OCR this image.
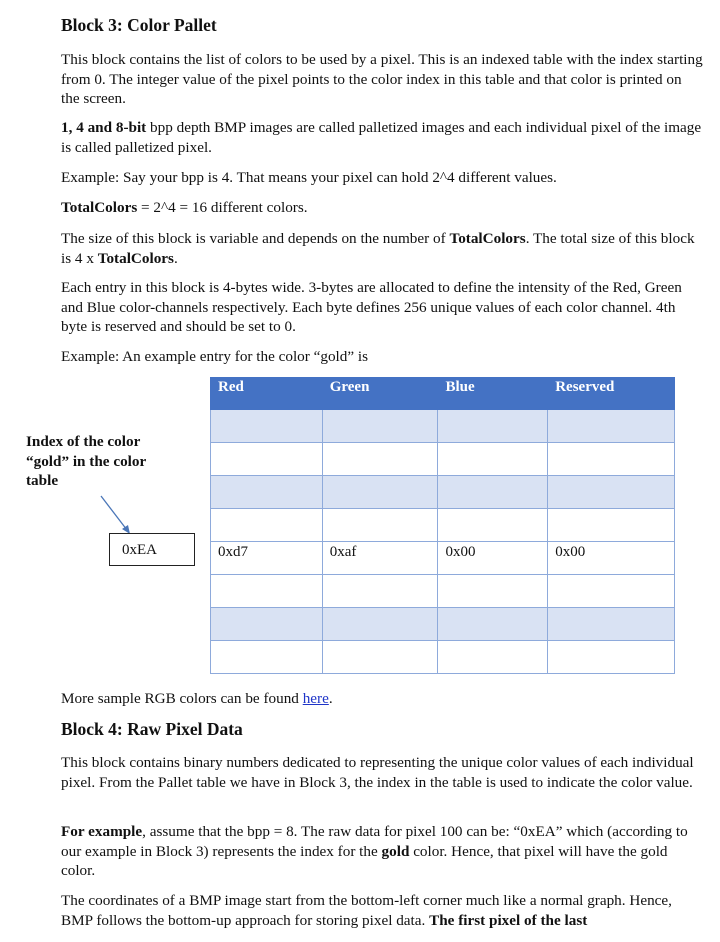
Block 3: Color Pallet

This block contains the list of colors to be used by a pixel. This is an indexed table with the index starting from 0. The integer value of the pixel points to the color index in this table and that color is printed on the screen.

1, 4 and 8-bit bpp depth BMP images are called palletized images and each individual pixel of the image is called palletized pixel.

Example: Say your bpp is 4. That means your pixel can hold 2^4 different values.

TotalColors = 2^4 = 16 different colors.

The size of this block is variable and depends on the number of TotalColors. The total size of this block is 4 x TotalColors.

Each entry in this block is 4-bytes wide. 3-bytes are allocated to define the intensity of the Red, Green and Blue color-channels respectively. Each byte defines 256 unique values of each color channel. 4th byte is reserved and should be set to 0.

Example: An example entry for the color “gold” is

Red	Green	Blue	Reserved

0xd7	0xaf	0x00	0x00

Index of the color “gold” in the color table
0xEA

More sample RGB colors can be found here.

Block 4: Raw Pixel Data

This block contains binary numbers dedicated to representing the unique color values of each individual pixel. From the Pallet table we have in Block 3, the index in the table is used to indicate the color value.

For example, assume that the bpp = 8. The raw data for pixel 100 can be: “0xEA” which (according to our example in Block 3) represents the index for the gold color. Hence, that pixel will have the gold color.

The coordinates of a BMP image start from the bottom-left corner much like a normal graph. Hence, BMP follows the bottom-up approach for storing pixel data. The first pixel of the last
